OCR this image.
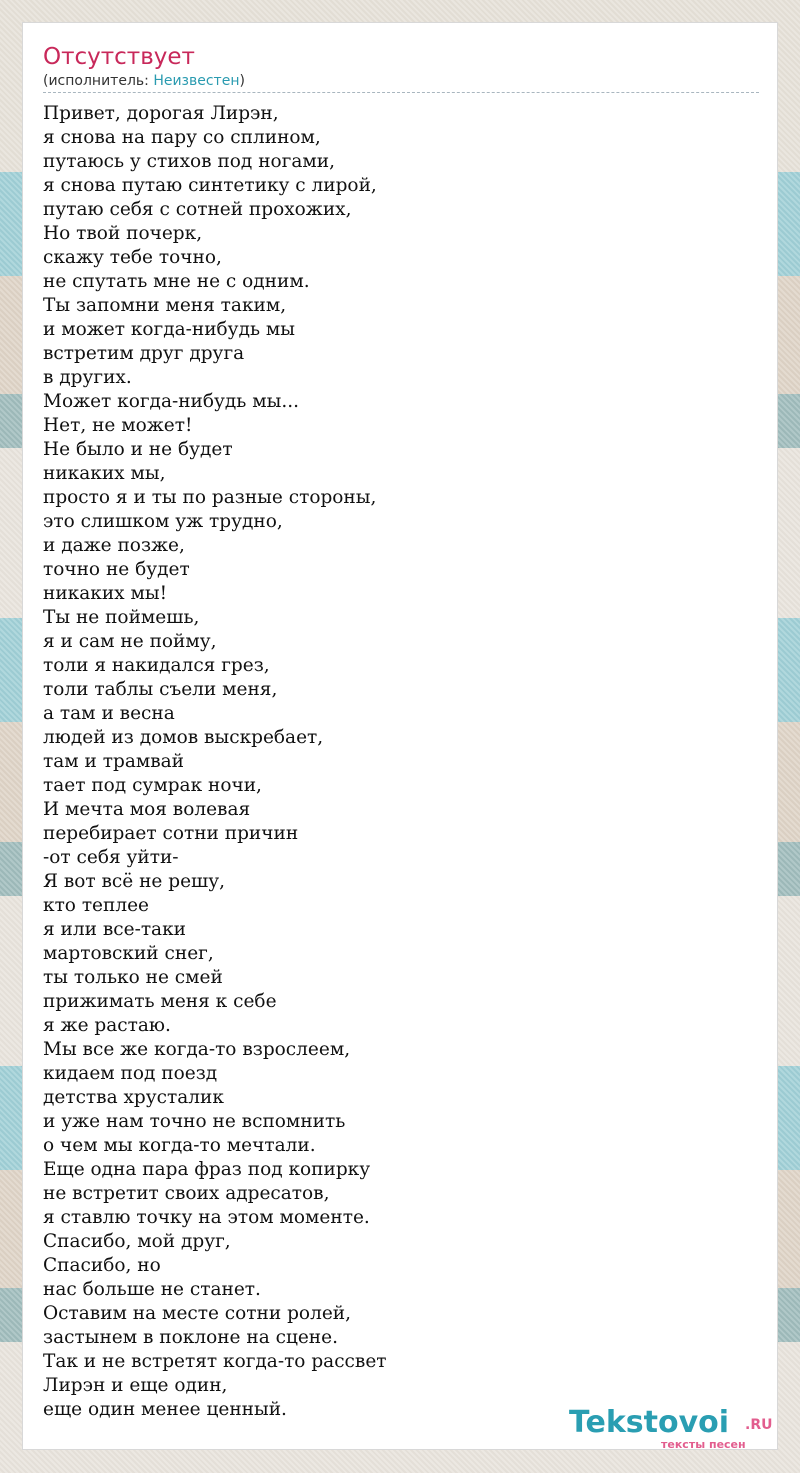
Отсутствует
(исполнитель: Неизвестен)
Привет, дорогая Лирэн,
я снова на пару со сплином,
путаюсь у стихов под ногами,
я снова путаю синтетику с лирой,
путаю себя с сотней прохожих,
Но твой почерк,
скажу тебе точно,
не спутать мне не с одним.
Ты запомни меня таким,
и может когда-нибудь мы
встретим друг друга
в других.
Может когда-нибудь мы...
Нет, не может!
Не было и не будет
никаких мы,
просто я и ты по разные стороны,
это слишком уж трудно,
и даже позже,
точно не будет
никаких мы!
Ты не поймешь,
я и сам не пойму,
толи я накидался грез,
толи таблы съели меня,
а там и весна
людей из домов выскребает,
там и трамвай
тает под сумрак ночи,
И мечта моя волевая
перебирает сотни причин
-от себя уйти-
Я вот всё не решу,
кто теплее
я или все-таки
мартовский снег,
ты только не смей
прижимать меня к себе
я же растаю.
Мы все же когда-то взрослеем,
кидаем под поезд
детства хрусталик
и уже нам точно не вспомнить
о чем мы когда-то мечтали.
Еще одна пара фраз под копирку
не встретит своих адресатов,
я ставлю точку на этом моменте.
Спасибо, мой друг,
Спасибо, но
нас больше не станет.
Оставим на месте сотни ролей,
застынем в поклоне на сцене.
Так и не встретят когда-то рассвет
Лирэн и еще один,
еще один менее ценный.	Tekstovoi .RU
тексты песен
